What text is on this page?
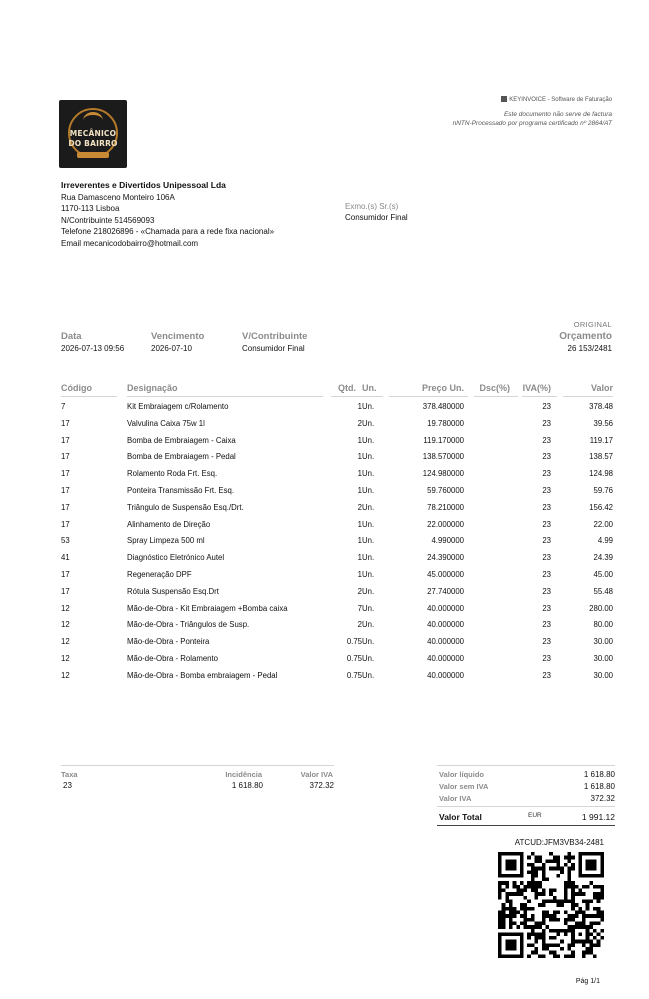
MECÂNICO
DO BAIRRO
KEYINVOICE - Software de Faturação
Este documento não serve de factura
nNTN-Processado por programa certificado nº 2864/AT
Irreverentes e Divertidos Unipessoal Lda
Rua Damasceno Monteiro 106A
1170-113 Lisboa
N/Contribuinte 514569093
Telefone 218026896 - «Chamada para a rede fixa nacional»
Email mecanicodobairro@hotmail.com
Exmo.(s) Sr.(s)
Consumidor Final
ORIGINAL
Data
2026-07-13 09:56
Vencimento
2026-07-10
V/Contribuinte
Consumidor Final
Orçamento
26 153/2481
Código	Designação	Qtd. Un.	Preço Un. Dsc(%) IVA(%)	Valor
7	Kit Embraiagem c/Rolamento	1 Un.	378.480000	23	378.48
17	Valvulina Caixa 75w 1l	2 Un.	19.780000	23	39.56
17	Bomba de Embraiagem - Caixa	1 Un.	119.170000	23	119.17
17	Bomba de Embraiagem - Pedal	1 Un.	138.570000	23	138.57
17	Rolamento Roda Frt. Esq.	1 Un.	124.980000	23	124.98
17	Ponteira Transmissão Frt. Esq.	1 Un.	59.760000	23	59.76
17	Triângulo de Suspensão Esq./Drt.	2 Un.	78.210000	23	156.42
17	Alinhamento de Direção	1 Un.	22.000000	23	22.00
53	Spray Limpeza 500 ml	1 Un.	4.990000	23	4.99
41	Diagnóstico Eletrónico Autel	1 Un.	24.390000	23	24.39
17	Regeneração DPF	1 Un.	45.000000	23	45.00
17	Rótula Suspensão Esq.Drt	2 Un.	27.740000	23	55.48
12	Mão-de-Obra - Kit Embraiagem +Bomba caixa	7 Un.	40.000000	23	280.00
12	Mão-de-Obra - Triângulos de Susp.	2 Un.	40.000000	23	80.00
12	Mão-de-Obra - Ponteira	0.75 Un.	40.000000	23	30.00
12	Mão-de-Obra - Rolamento	0.75 Un.	40.000000	23	30.00
12	Mão-de-Obra - Bomba embraiagem - Pedal	0.75 Un.	40.000000	23	30.00
Taxa	Incidência	Valor IVA
23	1 618.80	372.32
Valor líquido	1 618.80
Valor sem IVA	1 618.80
Valor IVA	372.32
Valor Total	EUR	1 991.12
ATCUD:JFM3VB34-2481
Pág 1/1
